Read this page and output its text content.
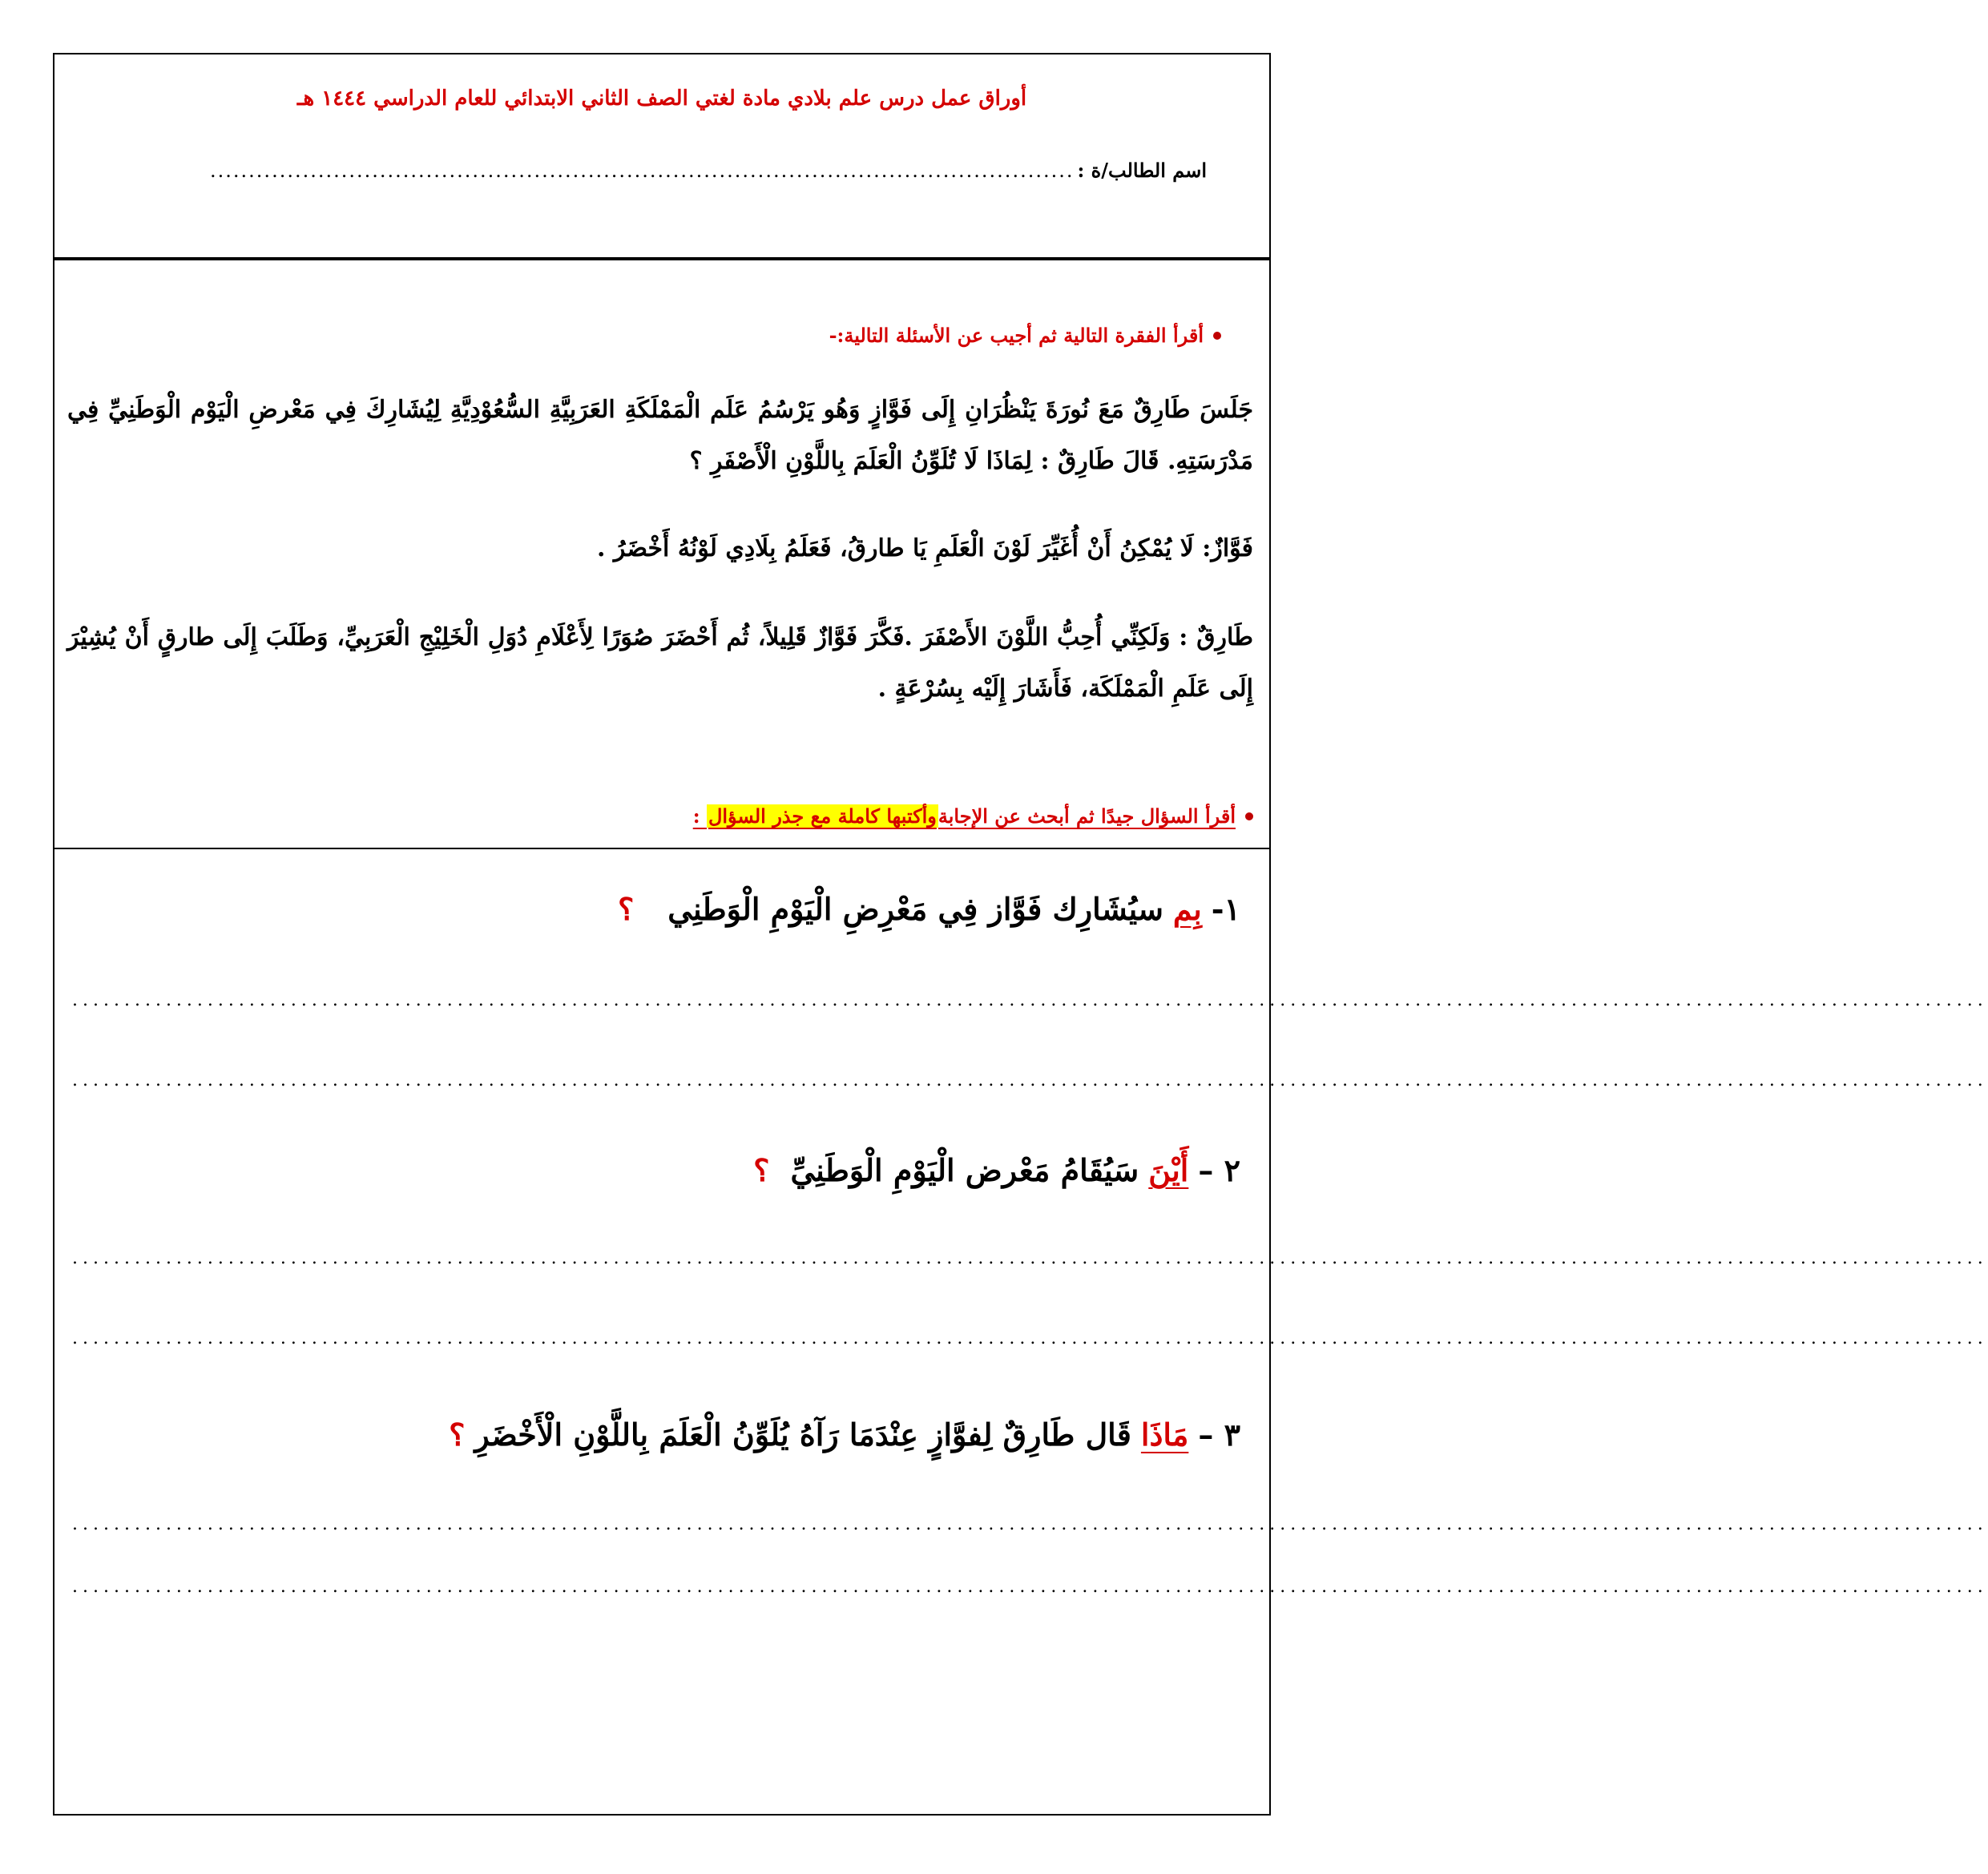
أوراق عمل درس علم بلادي مادة لغتي الصف الثاني الابتدائي للعام الدراسي ١٤٤٤ هـ
اسم الطالب/ة :
................................................................................................................
أقرأ الفقرة التالية ثم أجيب عن الأسئلة التالية:-
جَلَسَ طَارِقٌ مَعَ نُورَةَ يَنْظُرَانِ إِلَى فَوَّازٍ وَهُو يَرْسُمُ عَلَم الْمَمْلَكَةِ العَرَبِيَّةِ السُّعُوْدِيَّةِ لِيُشَارِكَ فِي مَعْرضِ الْيَوْم الْوَطَنِيِّ فِي مَدْرَسَتِهِ. قَالَ طَارِقٌ : لِمَاذَا لَا تُلَوِّنُ الْعَلَمَ بِاللَّوْنِ الْأَصْفَرِ ؟
فَوَّازٌ: لَا يُمْكِنُ أَنْ أُغَيِّرَ لَوْنَ الْعَلَمِ يَا طارقُ، فَعَلَمُ بِلَادِي لَوْنُهُ أَخْضَرُ .
طَارِقٌ : وَلَكِنِّي أُحِبُّ اللَّوْنَ الأَصْفَرَ .فَكَّرَ فَوَّازٌ قَلِيلاً، ثُم أَحْضَرَ صُوَرًا لِأَعْلَامِ دُوَلِ الْخَلِيْجِ الْعَرَبِيِّ، وَطَلَبَ إِلَى طارقٍ أَنْ يُشِيْرَ إِلَى عَلَمِ الْمَمْلَكَة، فَأَشَارَ إِلَيْه بِسُرْعَةٍ .
أقرأ السؤال جيدًا ثم أبحث عن الإجابةوأكتبها كاملة مع جذر السؤال :
١-
بِم
سيُشَارِك فَوَّاز فِي مَعْرِضِ الْيَوْمِ الْوَطَنِي
؟
........................................................................................................................................................................................
........................................................................................................................................................................................
٢ –
أَيْنَ
سَيُقَامُ مَعْرض الْيَوْمِ الْوَطَنِيِّ
؟
........................................................................................................................................................................................
........................................................................................................................................................................................
٣ –
مَاذَا
قَال طَارِقٌ لِفوَّازٍ عِنْدَمَا رَآهُ يُلَوِّنُ الْعَلَمَ بِاللَّوْنِ الْأَخْضَرِ
؟
........................................................................................................................................................................................
........................................................................................................................................................................................
